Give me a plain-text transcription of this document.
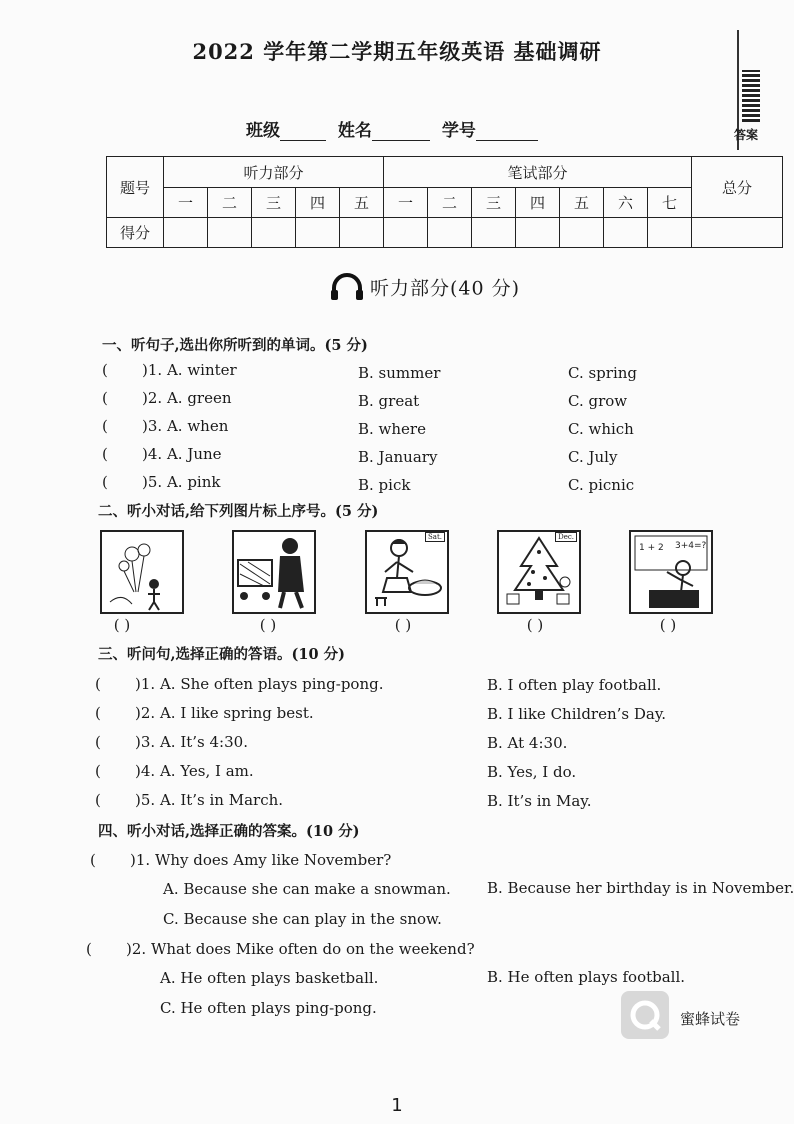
2022 学年第二学期五年级英语 基础调研
班级	姓名	学号	答案
题号	听力部分					笔试部分							总分
	一	二	三	四	五	一	二	三	四	五	六	七	
得分													
听力部分(40 分)
一、听句子,选出你所听到的单词。(5 分)
( )1. A. winter	B. summer	C. spring
( )2. A. green	B. great	C. grow
( )3. A. when	B. where	C. which
( )4. A. June	B. January	C. July
( )5. A. pink	B. pick	C. picnic
二、听小对话,给下列图片标上序号。(5 分)
Sat.	Dec.
1 + 2 3+4=?
( )	( )	( )	( )	( )
三、听问句,选择正确的答语。(10 分)
( )1. A. She often plays ping-pong.	B. I often play football.
( )2. A. I like spring best.	B. I like Children’s Day.
( )3. A. It’s 4:30.	B. At 4:30.
( )4. A. Yes, I am.	B. Yes, I do.
( )5. A. It’s in March.	B. It’s in May.
四、听小对话,选择正确的答案。(10 分)
( )1. Why does Amy like November?
A. Because she can make a snowman. B. Because her birthday is in November.
C. Because she can play in the snow.
( )2. What does Mike often do on the weekend?
A. He often plays basketball.	B. He often plays football.
C. He often plays ping-pong.
蜜蜂试卷
1
